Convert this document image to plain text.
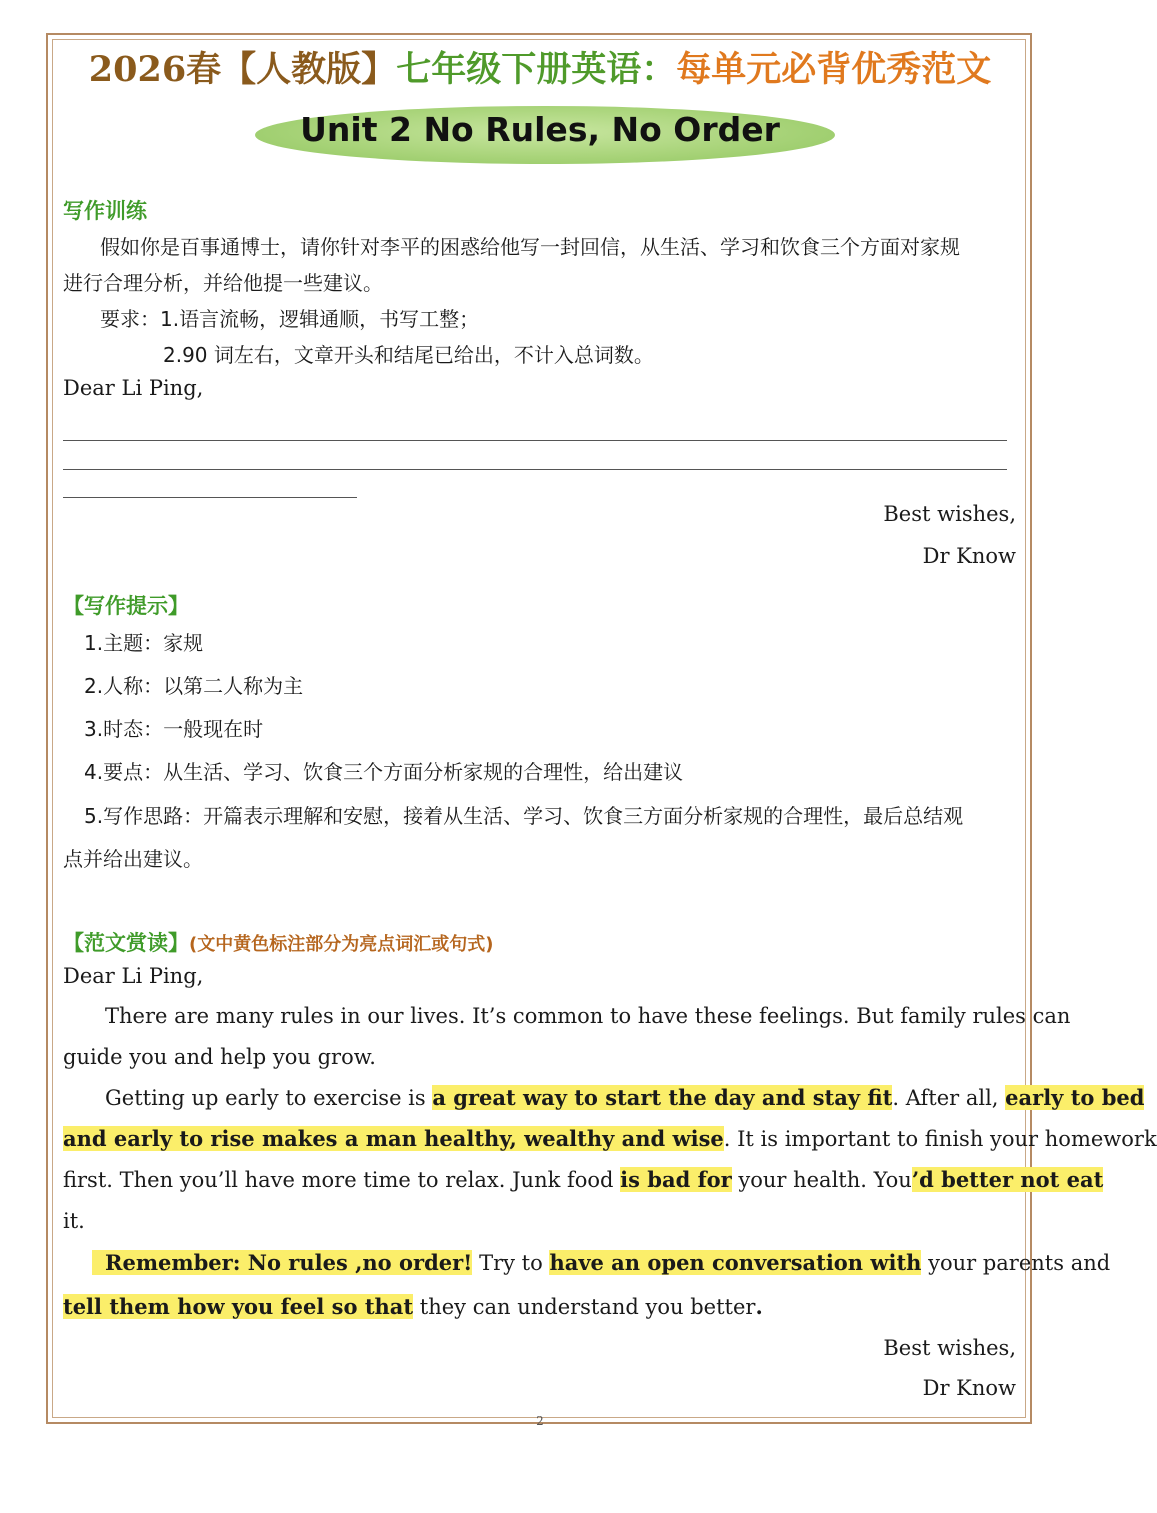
2026春【人教版】七年级下册英语：每单元必背优秀范文
Unit 2 No Rules, No Order
写作训练
假如你是百事通博士，请你针对李平的困惑给他写一封回信，从生活、学习和饮食三个方面对家规
进行合理分析，并给他提一些建议。
要求：1.语言流畅，逻辑通顺，书写工整；
2.90 词左右，文章开头和结尾已给出，不计入总词数。
Dear Li Ping,
Best wishes,
Dr Know
【写作提示】
1.主题：家规
2.人称：以第二人称为主
3.时态：一般现在时
4.要点：从生活、学习、饮食三个方面分析家规的合理性，给出建议
5.写作思路：开篇表示理解和安慰，接着从生活、学习、饮食三方面分析家规的合理性，最后总结观
点并给出建议。
【范文赏读】(文中黄色标注部分为亮点词汇或句式)
Dear Li Ping,
There are many rules in our lives. It’s common to have these feelings. But family rules can
guide you and help you grow.
Getting up early to exercise is a great way to start the day and stay fit. After all, early to bed
and early to rise makes a man healthy, wealthy and wise. It is important to finish your homework
first. Then you’ll have more time to relax. Junk food is bad for your health. You’d better not eat
it.
Remember: No rules ,no order! Try to have an open conversation with your parents and
tell them how you feel so that they can understand you better.
Best wishes,
Dr Know
2
